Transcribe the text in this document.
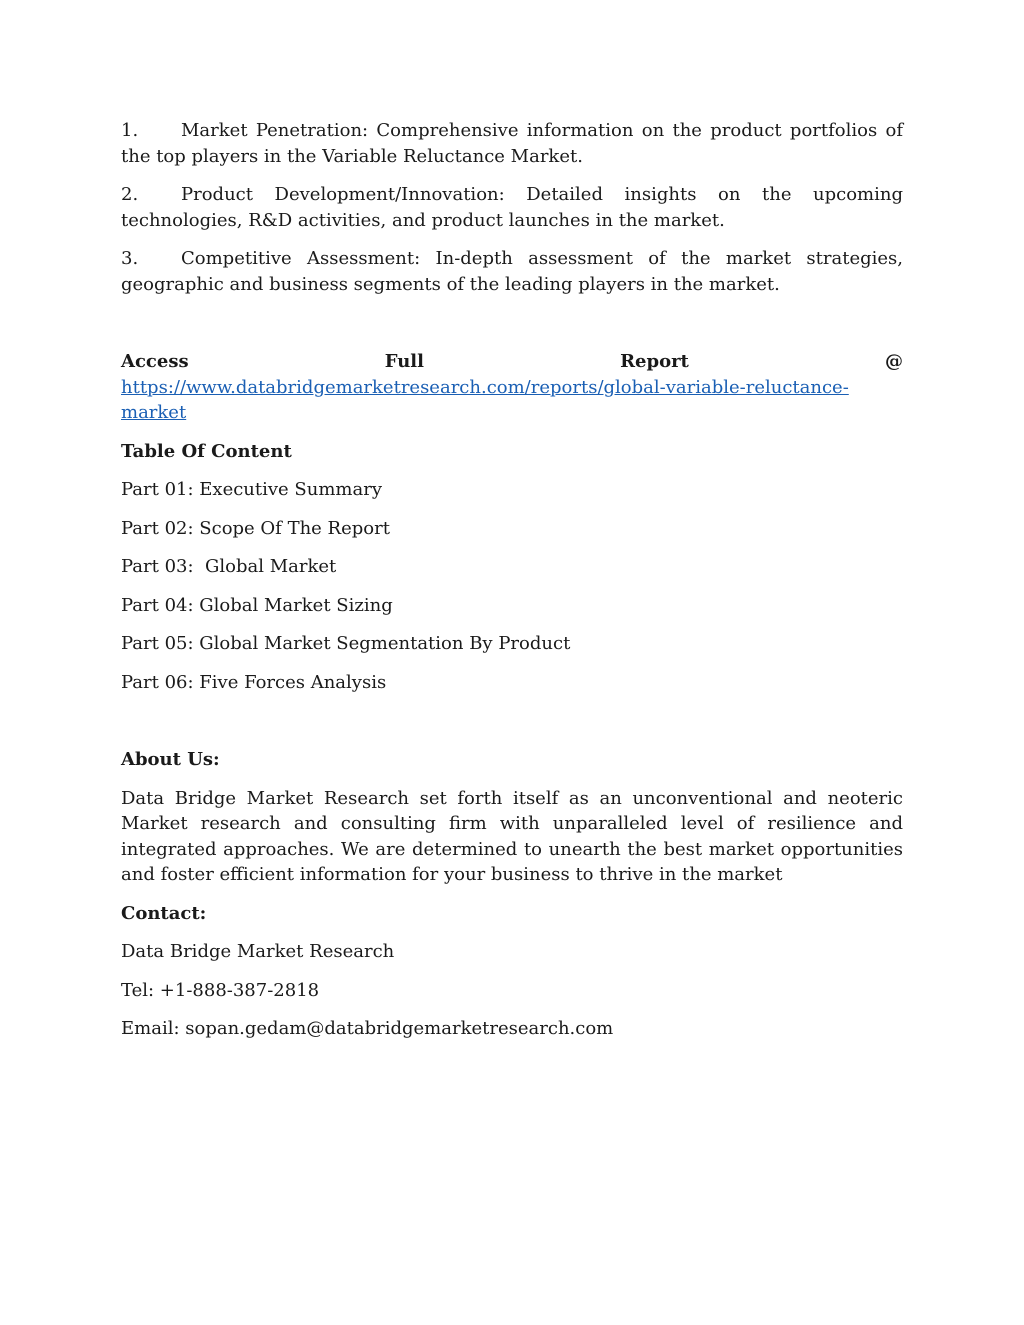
1. Market Penetration: Comprehensive information on the product portfolios of the top players in the Variable Reluctance Market.
2. Product Development/Innovation: Detailed insights on the upcoming technologies, R&D activities, and product launches in the market.
3. Competitive Assessment: In-depth assessment of the market strategies, geographic and business segments of the leading players in the market.
Access Full Report @ https://www.databridgemarketresearch.com/reports/global-variable-reluctance-market
Table Of Content
Part 01: Executive Summary
Part 02: Scope Of The Report
Part 03:  Global Market
Part 04: Global Market Sizing
Part 05: Global Market Segmentation By Product
Part 06: Five Forces Analysis
About Us:
Data Bridge Market Research set forth itself as an unconventional and neoteric Market research and consulting firm with unparalleled level of resilience and integrated approaches. We are determined to unearth the best market opportunities and foster efficient information for your business to thrive in the market
Contact:
Data Bridge Market Research
Tel: +1-888-387-2818
Email: sopan.gedam@databridgemarketresearch.com
